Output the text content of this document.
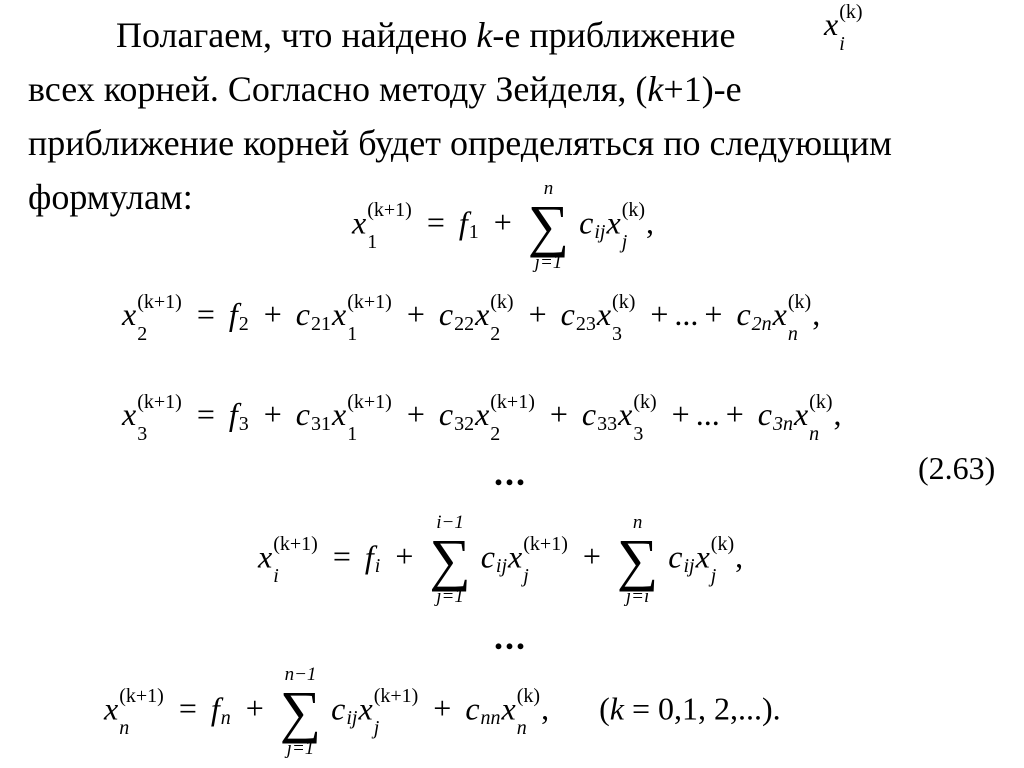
Полагаем, что найдено k-е приближение
всех корней. Согласно методу Зейделя, (k+1)-е
приближение корней будет определяться по следующим
формулам:
x (k)
i
x (k+1)
1
= f 1 +
n
∑
j=1
c ij x (k)
j
,
x (k+1)
2
= f 2 + c 21 x (k+1)
1
+ c 22 x (k)
2
+ c 23 x (k)
3
+ ... + c 2n x (k)
n
,
x (k+1)
3
= f 3 + c 31 x (k+1)
1
+ c 32 x (k+1)
2
+ c 33 x (k)
3
+ ... + c 3n x (k)
n
,
...	(2.63)
x (k+1)
i
= f i +
i−1
∑
j=1
c ij x (k+1)
j
+
n
∑
j=i
c ij x (k)
j
,
...
x (k+1)
n
= f n +
n−1
∑
j=1
c ij x (k+1)
j
+ c nn x (k)
n
, (k = 0,1, 2,...).
